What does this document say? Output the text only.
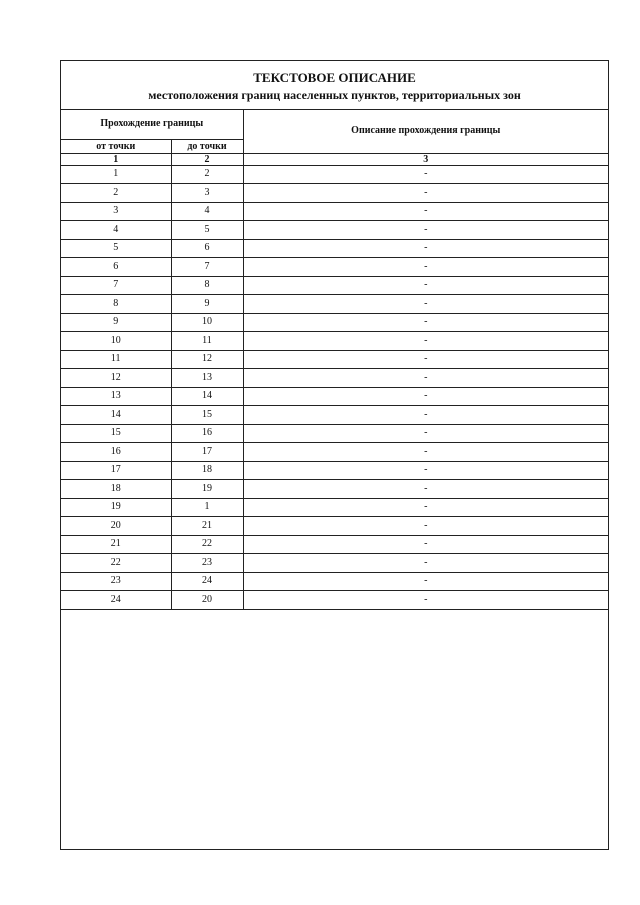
ТЕКСТОВОЕ ОПИСАНИЕ
местоположения границ населенных пунктов, территориальных зон
Прохождение границы		Описание прохождения границы
от точки	до точки	
1	2	3
1	2	-
2	3	-
3	4	-
4	5	-
5	6	-
6	7	-
7	8	-
8	9	-
9	10	-
10	11	-
11	12	-
12	13	-
13	14	-
14	15	-
15	16	-
16	17	-
17	18	-
18	19	-
19	1	-
20	21	-
21	22	-
22	23	-
23	24	-
24	20	-
